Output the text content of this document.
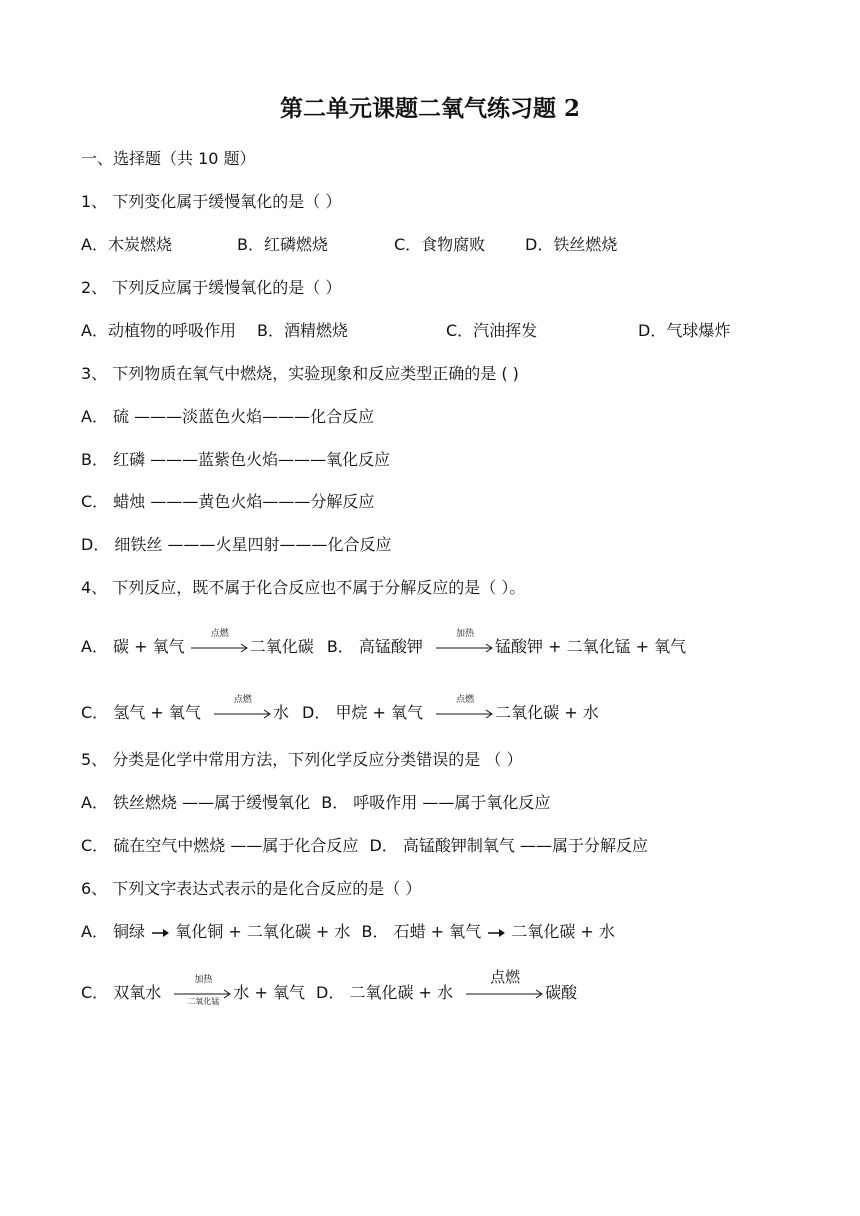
第二单元课题二氧气练习题 2
一、选择题（共 10 题）
1、 下列变化属于缓慢氧化的是（ ）
A．木炭燃烧	B．红磷燃烧	C．食物腐败 D．铁丝燃烧
2、 下列反应属于缓慢氧化的是（ ）
A．动植物的呼吸作用 B．酒精燃烧	C．汽油挥发	D．气球爆炸
3、 下列物质在氧气中燃烧，实验现象和反应类型正确的是 ( )
A． 硫 ———淡蓝色火焰———化合反应
B． 红磷 ———蓝紫色火焰———氧化反应
C． 蜡烛 ———黄色火焰———分解反应
D． 细铁丝 ———火星四射———化合反应
4、 下列反应，既不属于化合反应也不属于分解反应的是（ ）。
A． 碳 + 氧气
点燃
二氧化碳 B． 高锰酸钾
加热
锰酸钾 + 二氧化锰 + 氧气
C． 氢气 + 氧气
点燃
水 D． 甲烷 + 氧气
点燃
二氧化碳 + 水
5、 分类是化学中常用方法，下列化学反应分类错误的是 （ ）
A． 铁丝燃烧 ——属于缓慢氧化 B． 呼吸作用 ——属于氧化反应
C． 硫在空气中燃烧 ——属于化合反应 D． 高锰酸钾制氧气 ——属于分解反应
6、 下列文字表达式表示的是化合反应的是（ ）
A． 铜绿 氧化铜 + 二氧化碳 + 水 B． 石蜡 + 氧气 二氧化碳 + 水
C． 双氧水
加热
二氧化锰 水 + 氧气 D． 二氧化碳 + 水
点燃
碳酸
